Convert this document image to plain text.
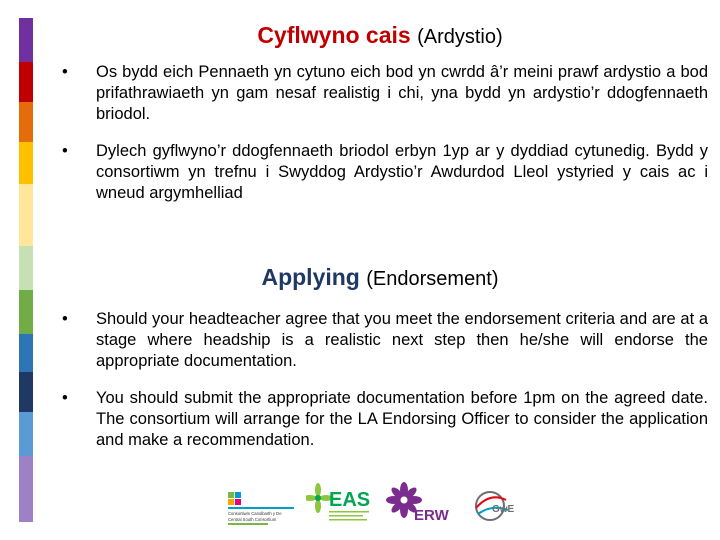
Cyflwyno cais (Ardystio)
• Os bydd eich Pennaeth yn cytuno eich bod yn cwrdd â’r meini prawf ardystio a bod prifathrawiaeth yn gam nesaf realistig i chi, yna bydd yn ardystio’r ddogfennaeth briodol.
• Dylech gyflwyno’r ddogfennaeth briodol erbyn 1yp ar y dyddiad cytunedig. Bydd y consortiwm yn trefnu i Swyddog Ardystio’r Awdurdod Lleol ystyried y cais ac i wneud argymhelliad
Applying (Endorsement)
• Should your headteacher agree that you meet the endorsement criteria and are at a stage where headship is a realistic next step then he/she will endorse the appropriate documentation.
• You should submit the appropriate documentation before 1pm on the agreed date. The consortium will arrange for the LA Endorsing Officer to consider the application and make a recommendation.
Consortiwm Canolbarth y De
Central South Consortium
EAS
ERW	GwE
